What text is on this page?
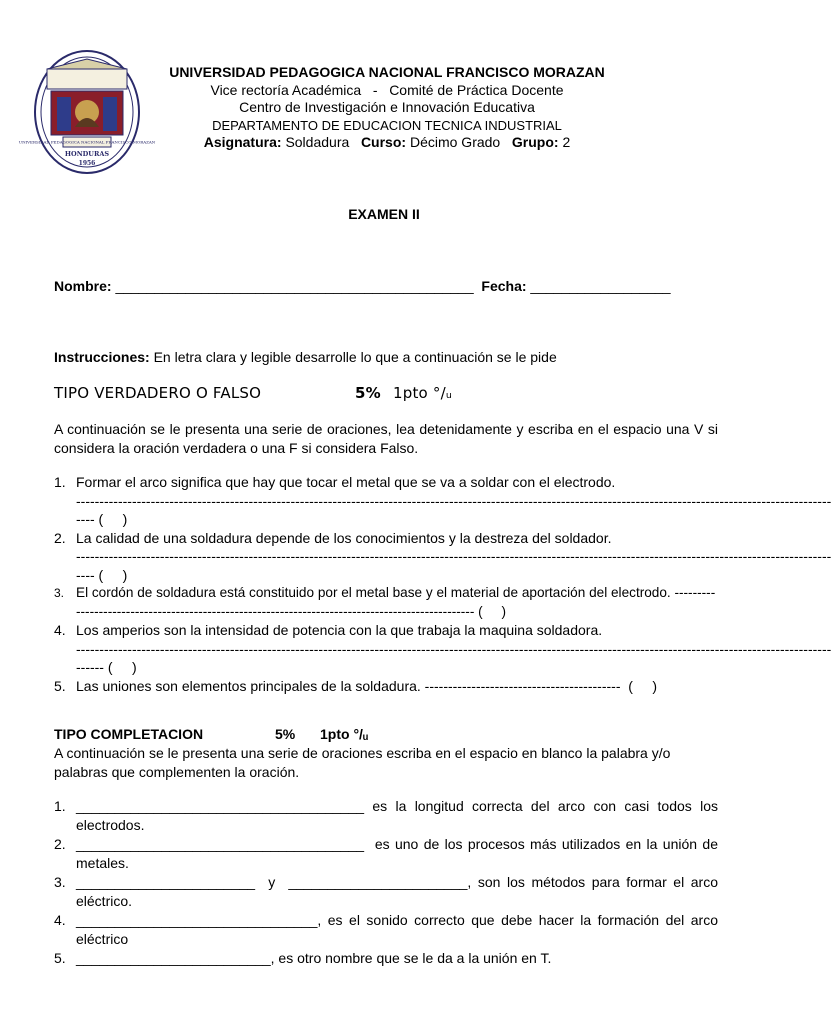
UNIVERSIDAD PEDAGOGICA NACIONAL FRANCISCO MORAZAN
HONDURAS
1956
UNIVERSIDAD PEDAGOGICA NACIONAL FRANCISCO MORAZAN
Vice rectoría Académica   -   Comité de Práctica Docente
Centro de Investigación e Innovación Educativa
DEPARTAMENTO DE EDUCACION TECNICA INDUSTRIAL
Asignatura: Soldadura Curso: Décimo Grado Grupo: 2
EXAMEN II
Nombre: ______________________________________________ Fecha: __________________
Instrucciones: En letra clara y legible desarrolle lo que a continuación se le pide
TIPO VERDADERO O FALSO	5% 1pto °/ᵤ
A continuación se le presenta una serie de oraciones, lea detenidamente y escriba en el espacio una V si considera la oración verdadera o una F si considera Falso.
1. Formar el arco significa que hay que tocar el metal que se va a soldar con el electrodo.
------------------------------------------------------------------------------------------------------------------------------------------------------------------
---- (     )
2. La calidad de una soldadura depende de los conocimientos y la destreza del soldador.
------------------------------------------------------------------------------------------------------------------------------------------------------------------
---- (     )
3. El cordón de soldadura está constituido por el metal base y el material de aportación del electrodo. ------------------------------------------------------------------------------------------------- (     )
4. Los amperios son la intensidad de potencia con la que trabaja la maquina soldadora.
------------------------------------------------------------------------------------------------------------------------------------------------------------------
------ (     )
5. Las uniones son elementos principales de la soldadura. ------------------------------------------  (     )
TIPO COMPLETACION	5% 1pto °/ᵤ
A continuación se le presenta una serie de oraciones escriba en el espacio en blanco la palabra y/o palabras que complementen la oración.
1. _____________________________________ es la longitud correcta del arco con casi todos los electrodos.
2. _____________________________________  es uno de los procesos más utilizados en la unión de metales.
3. _______________________  y  _______________________, son los métodos para formar el arco eléctrico.
4. _______________________________, es el sonido correcto que debe hacer la formación del arco eléctrico
5. _________________________, es otro nombre que se le da a la unión en T.
